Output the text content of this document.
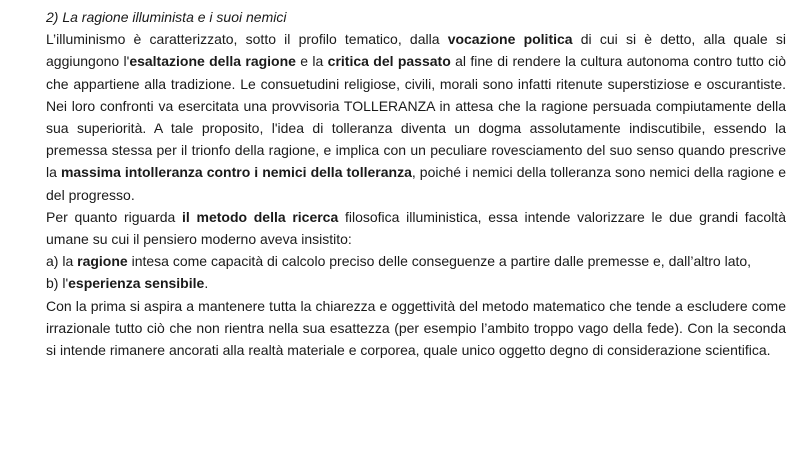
2) La ragione illuminista e i suoi nemici

L’illuminismo è caratterizzato, sotto il profilo tematico, dalla vocazione politica di cui si è detto, alla quale si aggiungono l'esaltazione della ragione e la critica del passato al fine di rendere la cultura autonoma contro tutto ciò che appartiene alla tradizione. Le consuetudini religiose, civili, morali sono infatti ritenute superstiziose e oscurantiste. Nei loro confronti va esercitata una provvisoria TOLLERANZA in attesa che la ragione persuada compiutamente della sua superiorità. A tale proposito, l'idea di tolleranza diventa un dogma assolutamente indiscutibile, essendo la premessa stessa per il trionfo della ragione, e implica con un peculiare rovesciamento del suo senso quando prescrive la massima intolleranza contro i nemici della tolleranza, poiché i nemici della tolleranza sono nemici della ragione e del progresso.

Per quanto riguarda il metodo della ricerca filosofica illuministica, essa intende valorizzare le due grandi facoltà umane su cui il pensiero moderno aveva insistito:

a) la ragione intesa come capacità di calcolo preciso delle conseguenze a partire dalle premesse e, dall’altro lato,

b) l'esperienza sensibile.

Con la prima si aspira a mantenere tutta la chiarezza e oggettività del metodo matematico che tende a escludere come irrazionale tutto ciò che non rientra nella sua esattezza (per esempio l’ambito troppo vago della fede). Con la seconda si intende rimanere ancorati alla realtà materiale e corporea, quale unico oggetto degno di considerazione scientifica.
